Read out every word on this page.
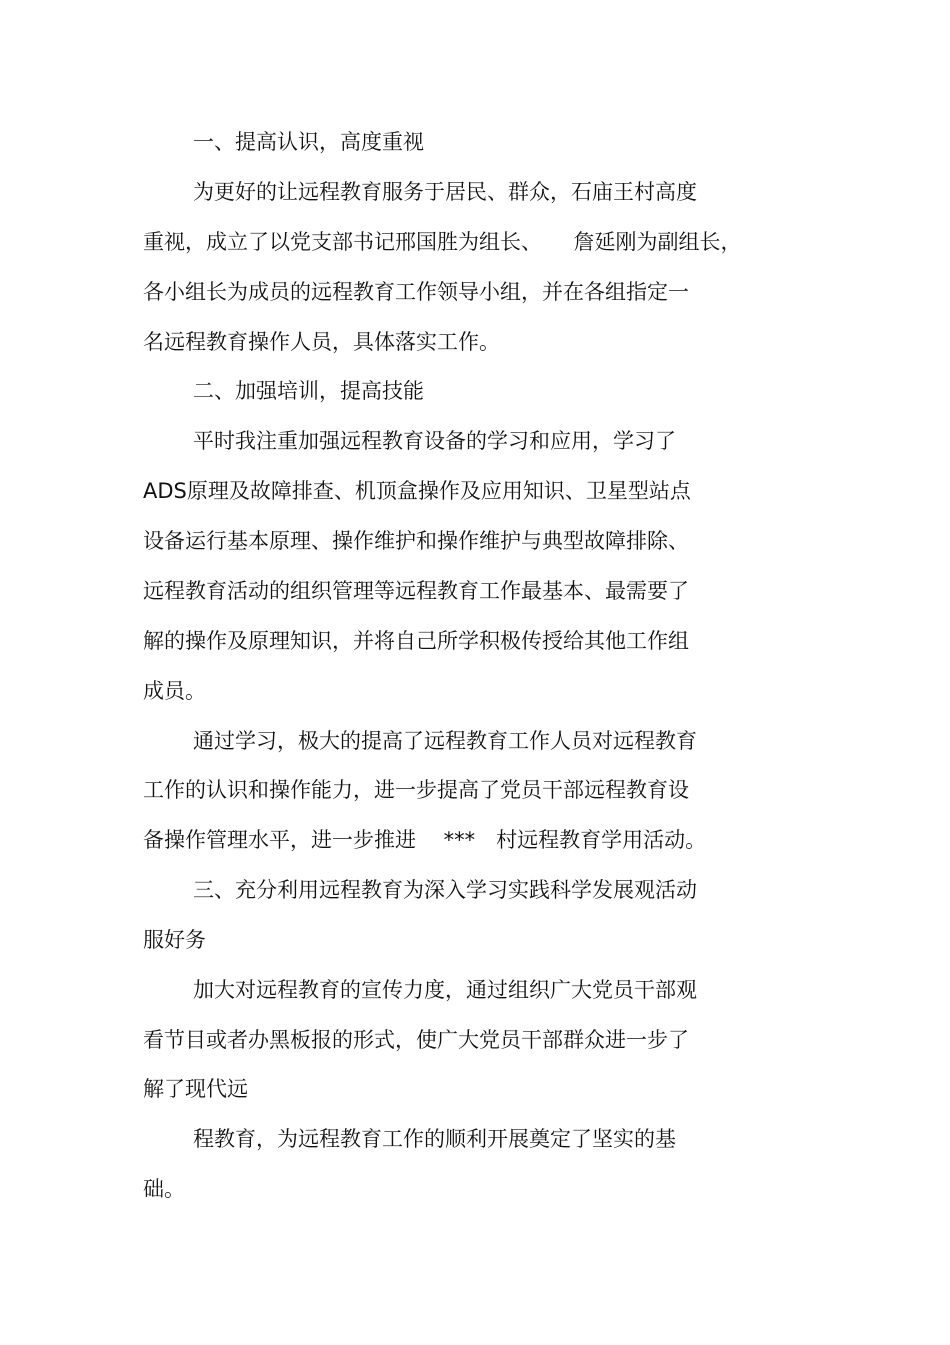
一、提高认识，高度重视
为更好的让远程教育服务于居民、群众，石庙王村高度
重视，成立了以党支部书记邢国胜为组长、　　詹延刚为副组长，
各小组长为成员的远程教育工作领导小组，并在各组指定一
名远程教育操作人员，具体落实工作。
二、加强培训，提高技能
平时我注重加强远程教育设备的学习和应用，学习了
ADS原理及故障排查、机顶盒操作及应用知识、卫星型站点
设备运行基本原理、操作维护和操作维护与典型故障排除、
远程教育活动的组织管理等远程教育工作最基本、最需要了
解的操作及原理知识，并将自己所学积极传授给其他工作组
成员。
通过学习，极大的提高了远程教育工作人员对远程教育
工作的认识和操作能力，进一步提高了党员干部远程教育设
备操作管理水平，进一步推进　 ***　村远程教育学用活动。
三、充分利用远程教育为深入学习实践科学发展观活动
服好务
加大对远程教育的宣传力度，通过组织广大党员干部观
看节目或者办黑板报的形式，使广大党员干部群众进一步了
解了现代远
程教育，为远程教育工作的顺利开展奠定了坚实的基
础。
